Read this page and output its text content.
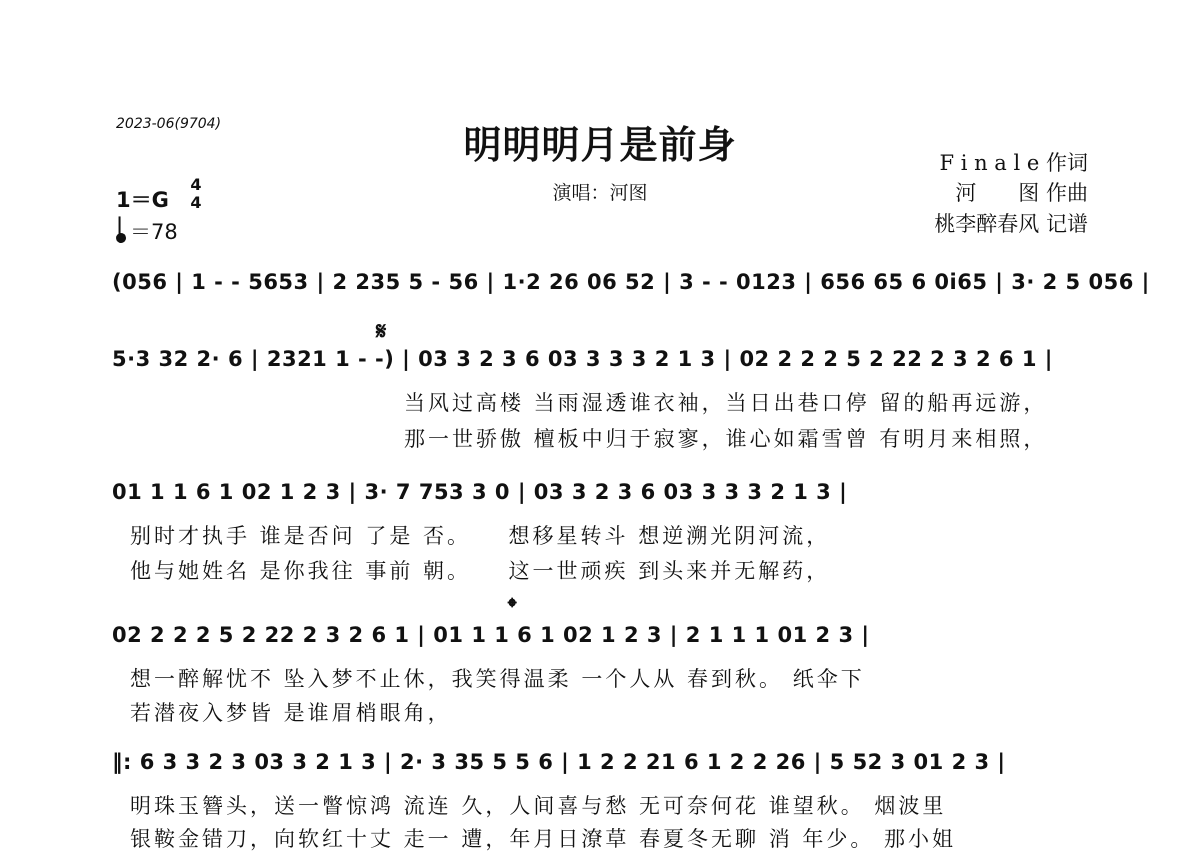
2023-06(9704)	明明明月是前身
演唱：河图
F i n a l e 作词
河　　图 作曲
桃李醉春风 记谱
1＝G
4
4
＝78
(056 | 1 - - 5653 | 2 235 5 - 56 | 1·2 26 06 52 | 3 - - 0123 | 656 65 6 0i65 | 3· 2 5 056 |
𝄋
5·3 32 2· 6 | 2321 1 - -) | 03 3 2 3 6 03 3 3 3 2 1 3 | 02 2 2 2 5 2 22 2 3 2 6 1 |
当风过高楼 当雨湿透谁衣袖，当日出巷口停 留的船再远游，
那一世骄傲 檀板中归于寂寥，谁心如霜雪曾 有明月来相照，
01 1 1 6 1 02 1 2 3 | 3· 7 753 3 0 | 03 3 2 3 6 03 3 3 3 2 1 3 |
别时才执手 谁是否问 了是 否。　　想移星转斗 想逆溯光阴河流，
他与她姓名 是你我往 事前 朝。　　这一世顽疾 到头来并无解药，
𝄌
02 2 2 2 5 2 22 2 3 2 6 1 | 01 1 1 6 1 02 1 2 3 | 2 1 1 1 01 2 3 |
想一醉解忧不 坠入梦不止休，我笑得温柔 一个人从 春到秋。 纸伞下
若潜夜入梦皆 是谁眉梢眼角，
‖: 6 3 3 2 3 03 3 2 1 3 | 2· 3 35 5 5 6 | 1 2 2 21 6 1 2 2 26 | 5 52 3 01 2 3 |
明珠玉簪头，送一瞥惊鸿 流连 久，人间喜与愁 无可奈何花 谁望秋。 烟波里
银鞍金错刀，向软红十丈 走一 遭，年月日潦草 春夏冬无聊 消 年少。 那小姐
